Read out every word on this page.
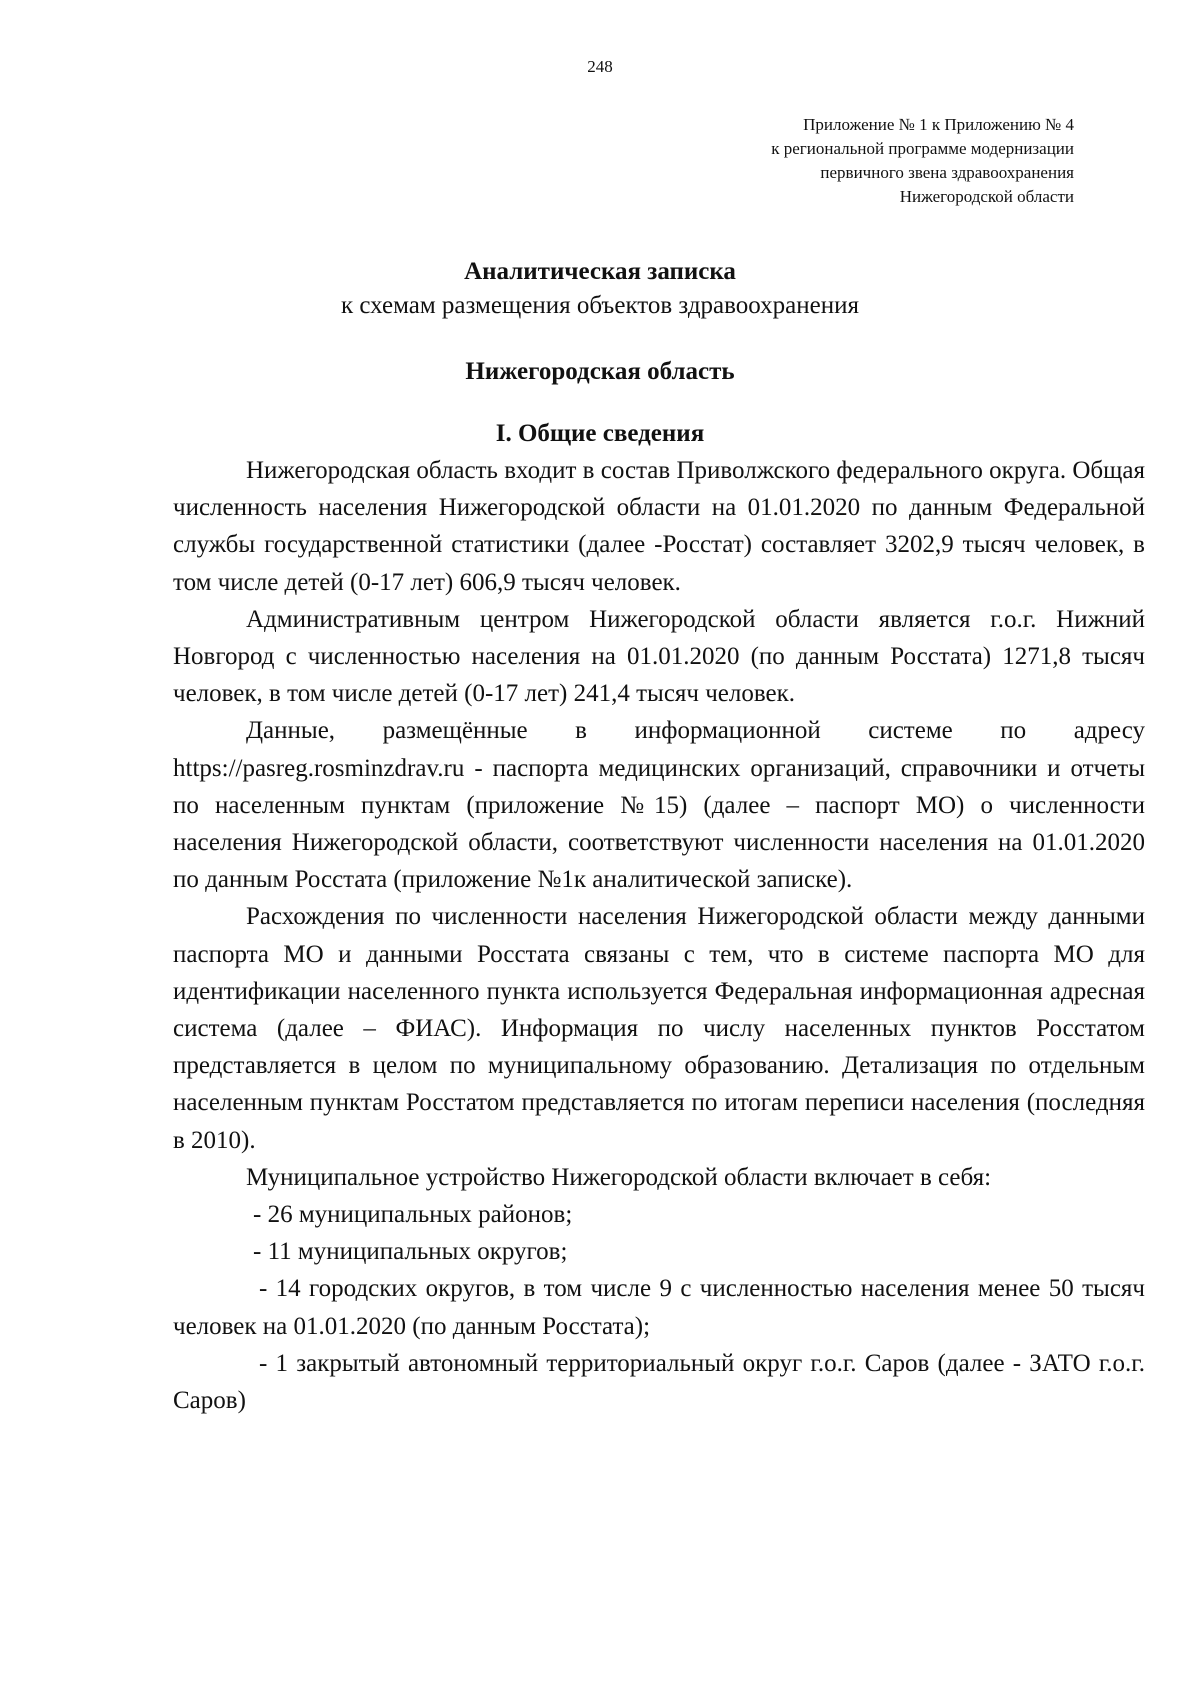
248
Приложение № 1 к Приложению № 4
к региональной программе модернизации
первичного звена здравоохранения
Нижегородской области
Аналитическая записка
к схемам размещения объектов здравоохранения
Нижегородская область
I. Общие сведения

Нижегородская область входит в состав Приволжского федерального округа. Общая численность населения Нижегородской области на 01.01.2020 по данным Федеральной службы государственной статистики (далее -Росстат) составляет 3202,9 тысяч человек, в том числе детей (0-17 лет) 606,9 тысяч человек.

Административным центром Нижегородской области является г.о.г. Нижний Новгород с численностью населения на 01.01.2020 (по данным Росстата) 1271,8 тысяч человек, в том числе детей (0-17 лет) 241,4 тысяч человек.

Данные, размещённые в информационной системе по адресу https://pasreg.rosminzdrav.ru - паспорта медицинских организаций, справочники и отчеты по населенным пунктам (приложение №15) (далее – паспорт МО) о численности населения Нижегородской области, соответствуют численности населения на 01.01.2020 по данным Росстата (приложение №1к аналитической записке).

Расхождения по численности населения Нижегородской области между данными паспорта МО и данными Росстата связаны с тем, что в системе паспорта МО для идентификации населенного пункта используется Федеральная информационная адресная система (далее – ФИАС). Информация по числу населенных пунктов Росстатом представляется в целом по муниципальному образованию. Детализация по отдельным населенным пунктам Росстатом представляется по итогам переписи населения (последняя в 2010).

Муниципальное устройство Нижегородской области включает в себя:

- 26 муниципальных районов;

- 11 муниципальных округов;

- 14 городских округов, в том числе 9 с численностью населения менее 50 тысяч человек на 01.01.2020 (по данным Росстата);

- 1 закрытый автономный территориальный округ г.о.г. Саров (далее - ЗАТО г.о.г. Саров)
